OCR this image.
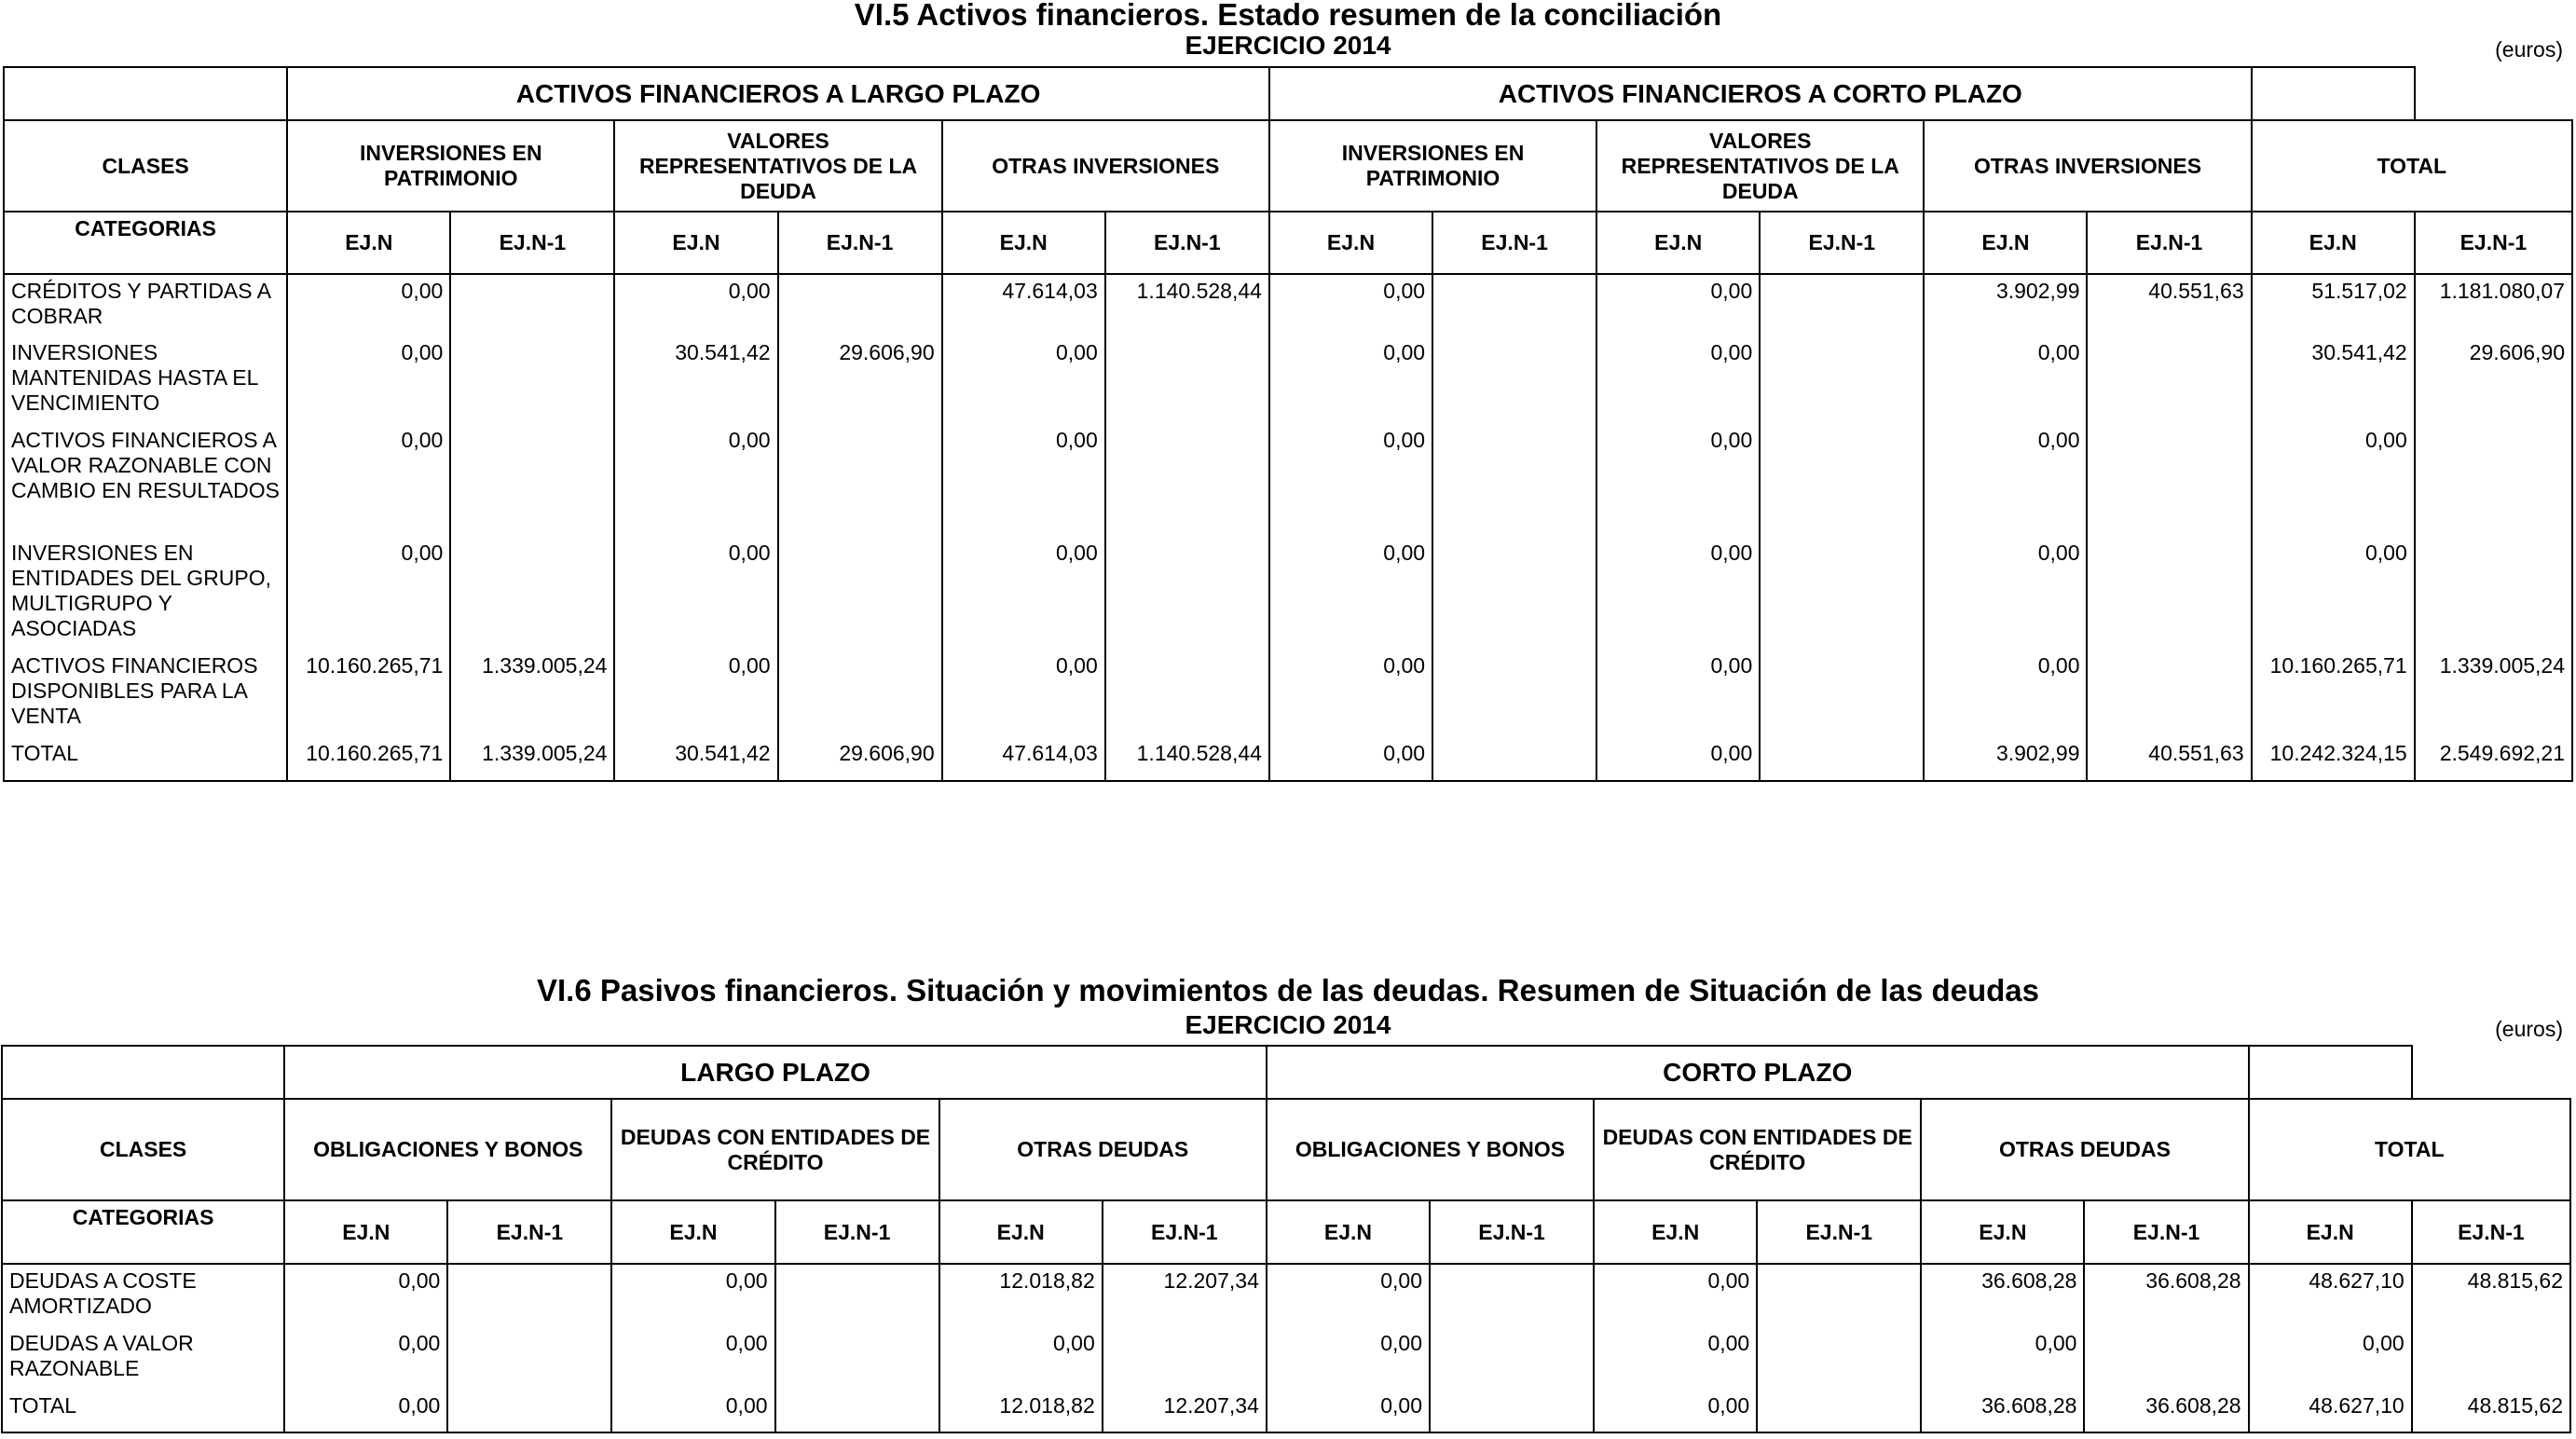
VI.5 Activos financieros. Estado resumen de la conciliación
EJERCICIO 2014	(euros)
	ACTIVOS FINANCIEROS A LARGO PLAZO						ACTIVOS FINANCIEROS A CORTO PLAZO							
CLASES	INVERSIONES EN PATRIMONIO		VALORES REPRESENTATIVOS DE LA DEUDA		OTRAS INVERSIONES		INVERSIONES EN PATRIMONIO		VALORES REPRESENTATIVOS DE LA DEUDA		OTRAS INVERSIONES		TOTAL	
CATEGORIAS	EJ.N	EJ.N-1	EJ.N	EJ.N-1	EJ.N	EJ.N-1	EJ.N	EJ.N-1	EJ.N	EJ.N-1	EJ.N	EJ.N-1	EJ.N	EJ.N-1
CRÉDITOS Y PARTIDAS A COBRAR	0,00		0,00		47.614,03	1.140.528,44	0,00		0,00		3.902,99	40.551,63	51.517,02	1.181.080,07
INVERSIONES MANTENIDAS HASTA EL VENCIMIENTO	0,00		30.541,42	29.606,90	0,00		0,00		0,00		0,00		30.541,42	29.606,90
ACTIVOS FINANCIEROS A VALOR RAZONABLE CON CAMBIO EN RESULTADOS	0,00		0,00		0,00		0,00		0,00		0,00		0,00	
INVERSIONES EN ENTIDADES DEL GRUPO, MULTIGRUPO Y ASOCIADAS	0,00		0,00		0,00		0,00		0,00		0,00		0,00	
ACTIVOS FINANCIEROS DISPONIBLES PARA LA VENTA	10.160.265,71	1.339.005,24	0,00		0,00		0,00		0,00		0,00		10.160.265,71	1.339.005,24
TOTAL	10.160.265,71	1.339.005,24	30.541,42	29.606,90	47.614,03	1.140.528,44	0,00		0,00		3.902,99	40.551,63	10.242.324,15	2.549.692,21
VI.6 Pasivos financieros. Situación y movimientos de las deudas. Resumen de Situación de las deudas
EJERCICIO 2014	(euros)
	LARGO PLAZO						CORTO PLAZO							
CLASES	OBLIGACIONES Y BONOS		DEUDAS CON ENTIDADES DE CRÉDITO		OTRAS DEUDAS		OBLIGACIONES Y BONOS		DEUDAS CON ENTIDADES DE CRÉDITO		OTRAS DEUDAS		TOTAL	
CATEGORIAS	EJ.N	EJ.N-1	EJ.N	EJ.N-1	EJ.N	EJ.N-1	EJ.N	EJ.N-1	EJ.N	EJ.N-1	EJ.N	EJ.N-1	EJ.N	EJ.N-1
DEUDAS A COSTE AMORTIZADO	0,00		0,00		12.018,82	12.207,34	0,00		0,00		36.608,28	36.608,28	48.627,10	48.815,62
DEUDAS A VALOR RAZONABLE	0,00		0,00		0,00		0,00		0,00		0,00		0,00	
TOTAL	0,00		0,00		12.018,82	12.207,34	0,00		0,00		36.608,28	36.608,28	48.627,10	48.815,62
